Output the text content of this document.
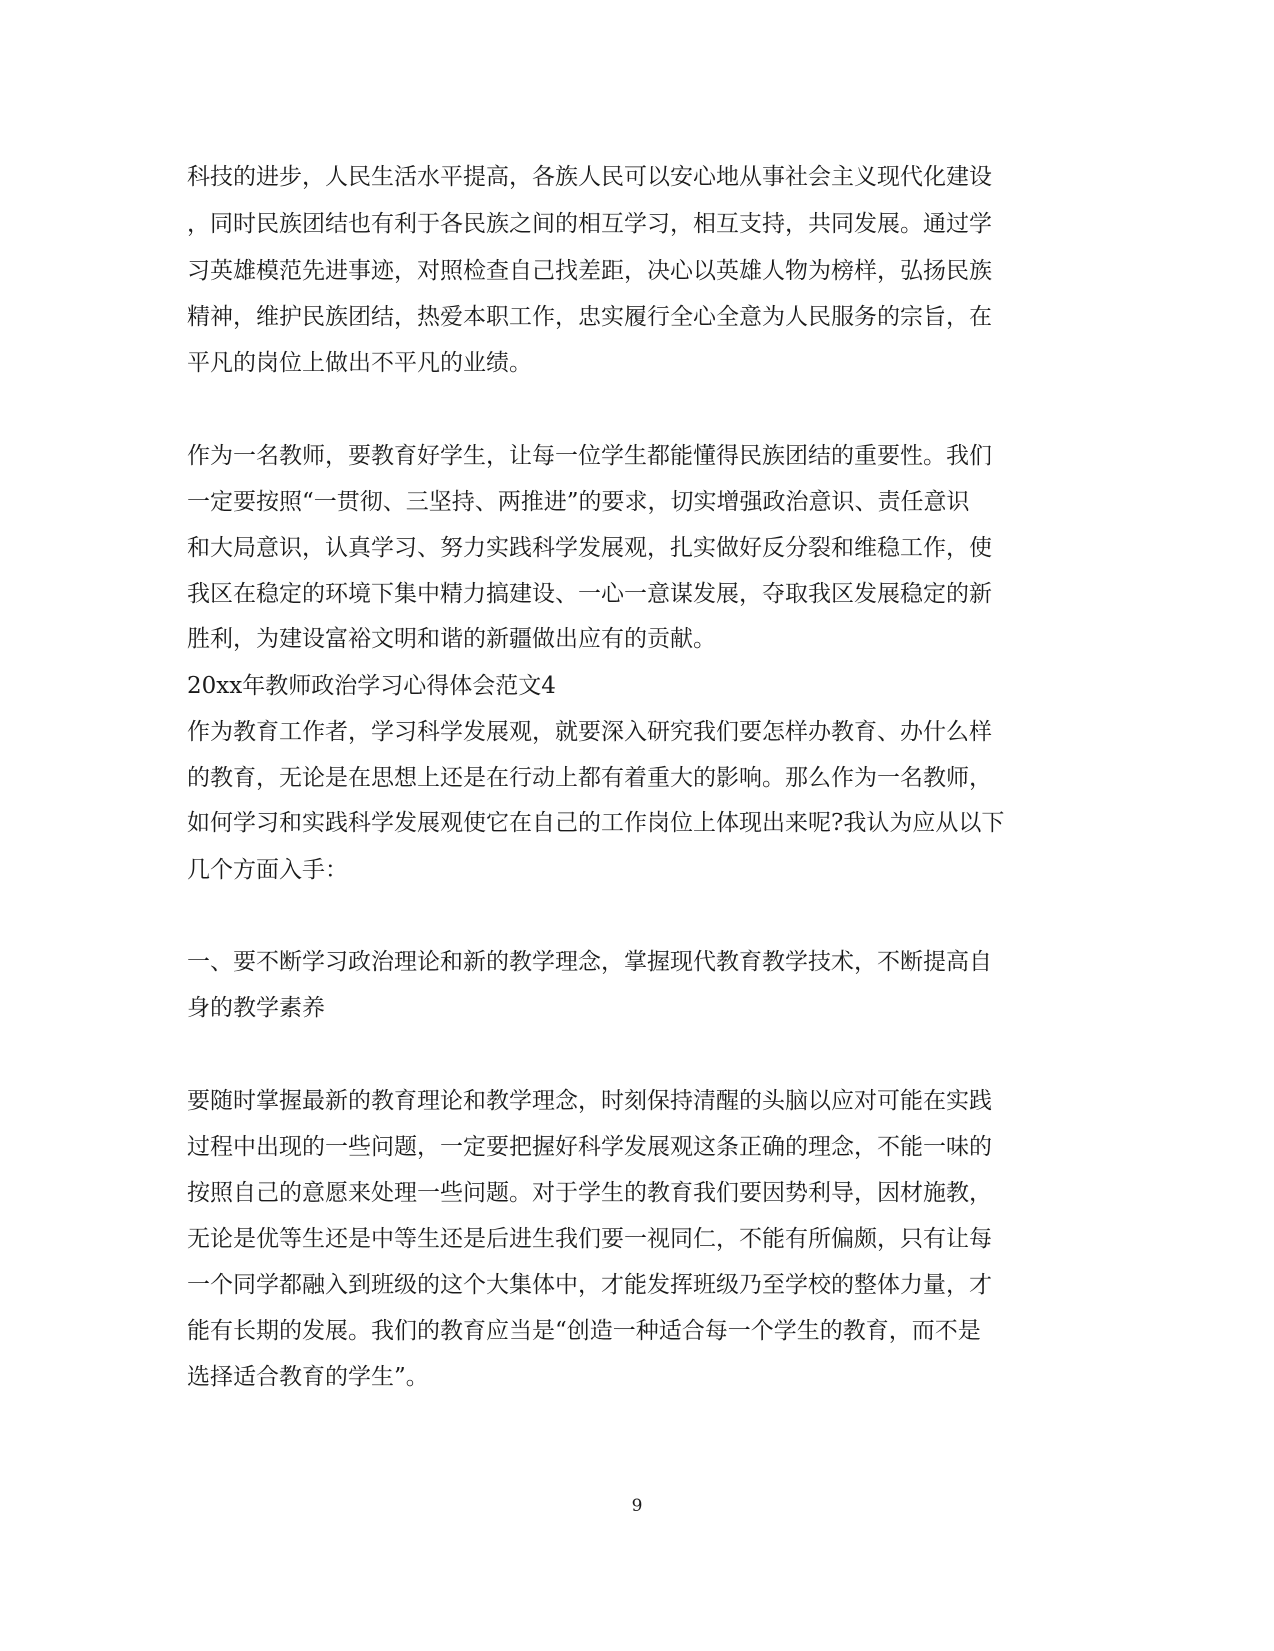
科技的进步，人民生活水平提高，各族人民可以安心地从事社会主义现代化建设
，同时民族团结也有利于各民族之间的相互学习，相互支持，共同发展。通过学
习英雄模范先进事迹，对照检查自己找差距，决心以英雄人物为榜样，弘扬民族
精神，维护民族团结，热爱本职工作，忠实履行全心全意为人民服务的宗旨，在
平凡的岗位上做出不平凡的业绩。
作为一名教师，要教育好学生，让每一位学生都能懂得民族团结的重要性。我们
一定要按照“一贯彻、三坚持、两推进”的要求，切实增强政治意识、责任意识
和大局意识，认真学习、努力实践科学发展观，扎实做好反分裂和维稳工作，使
我区在稳定的环境下集中精力搞建设、一心一意谋发展，夺取我区发展稳定的新
胜利，为建设富裕文明和谐的新疆做出应有的贡献。
20xx年教师政治学习心得体会范文4
作为教育工作者，学习科学发展观，就要深入研究我们要怎样办教育、办什么样
的教育，无论是在思想上还是在行动上都有着重大的影响。那么作为一名教师，
如何学习和实践科学发展观使它在自己的工作岗位上体现出来呢?我认为应从以下
几个方面入手：
一、要不断学习政治理论和新的教学理念，掌握现代教育教学技术，不断提高自
身的教学素养
要随时掌握最新的教育理论和教学理念，时刻保持清醒的头脑以应对可能在实践
过程中出现的一些问题，一定要把握好科学发展观这条正确的理念，不能一味的
按照自己的意愿来处理一些问题。对于学生的教育我们要因势利导，因材施教，
无论是优等生还是中等生还是后进生我们要一视同仁，不能有所偏颇，只有让每
一个同学都融入到班级的这个大集体中，才能发挥班级乃至学校的整体力量，才
能有长期的发展。我们的教育应当是“创造一种适合每一个学生的教育，而不是
选择适合教育的学生”。
9
